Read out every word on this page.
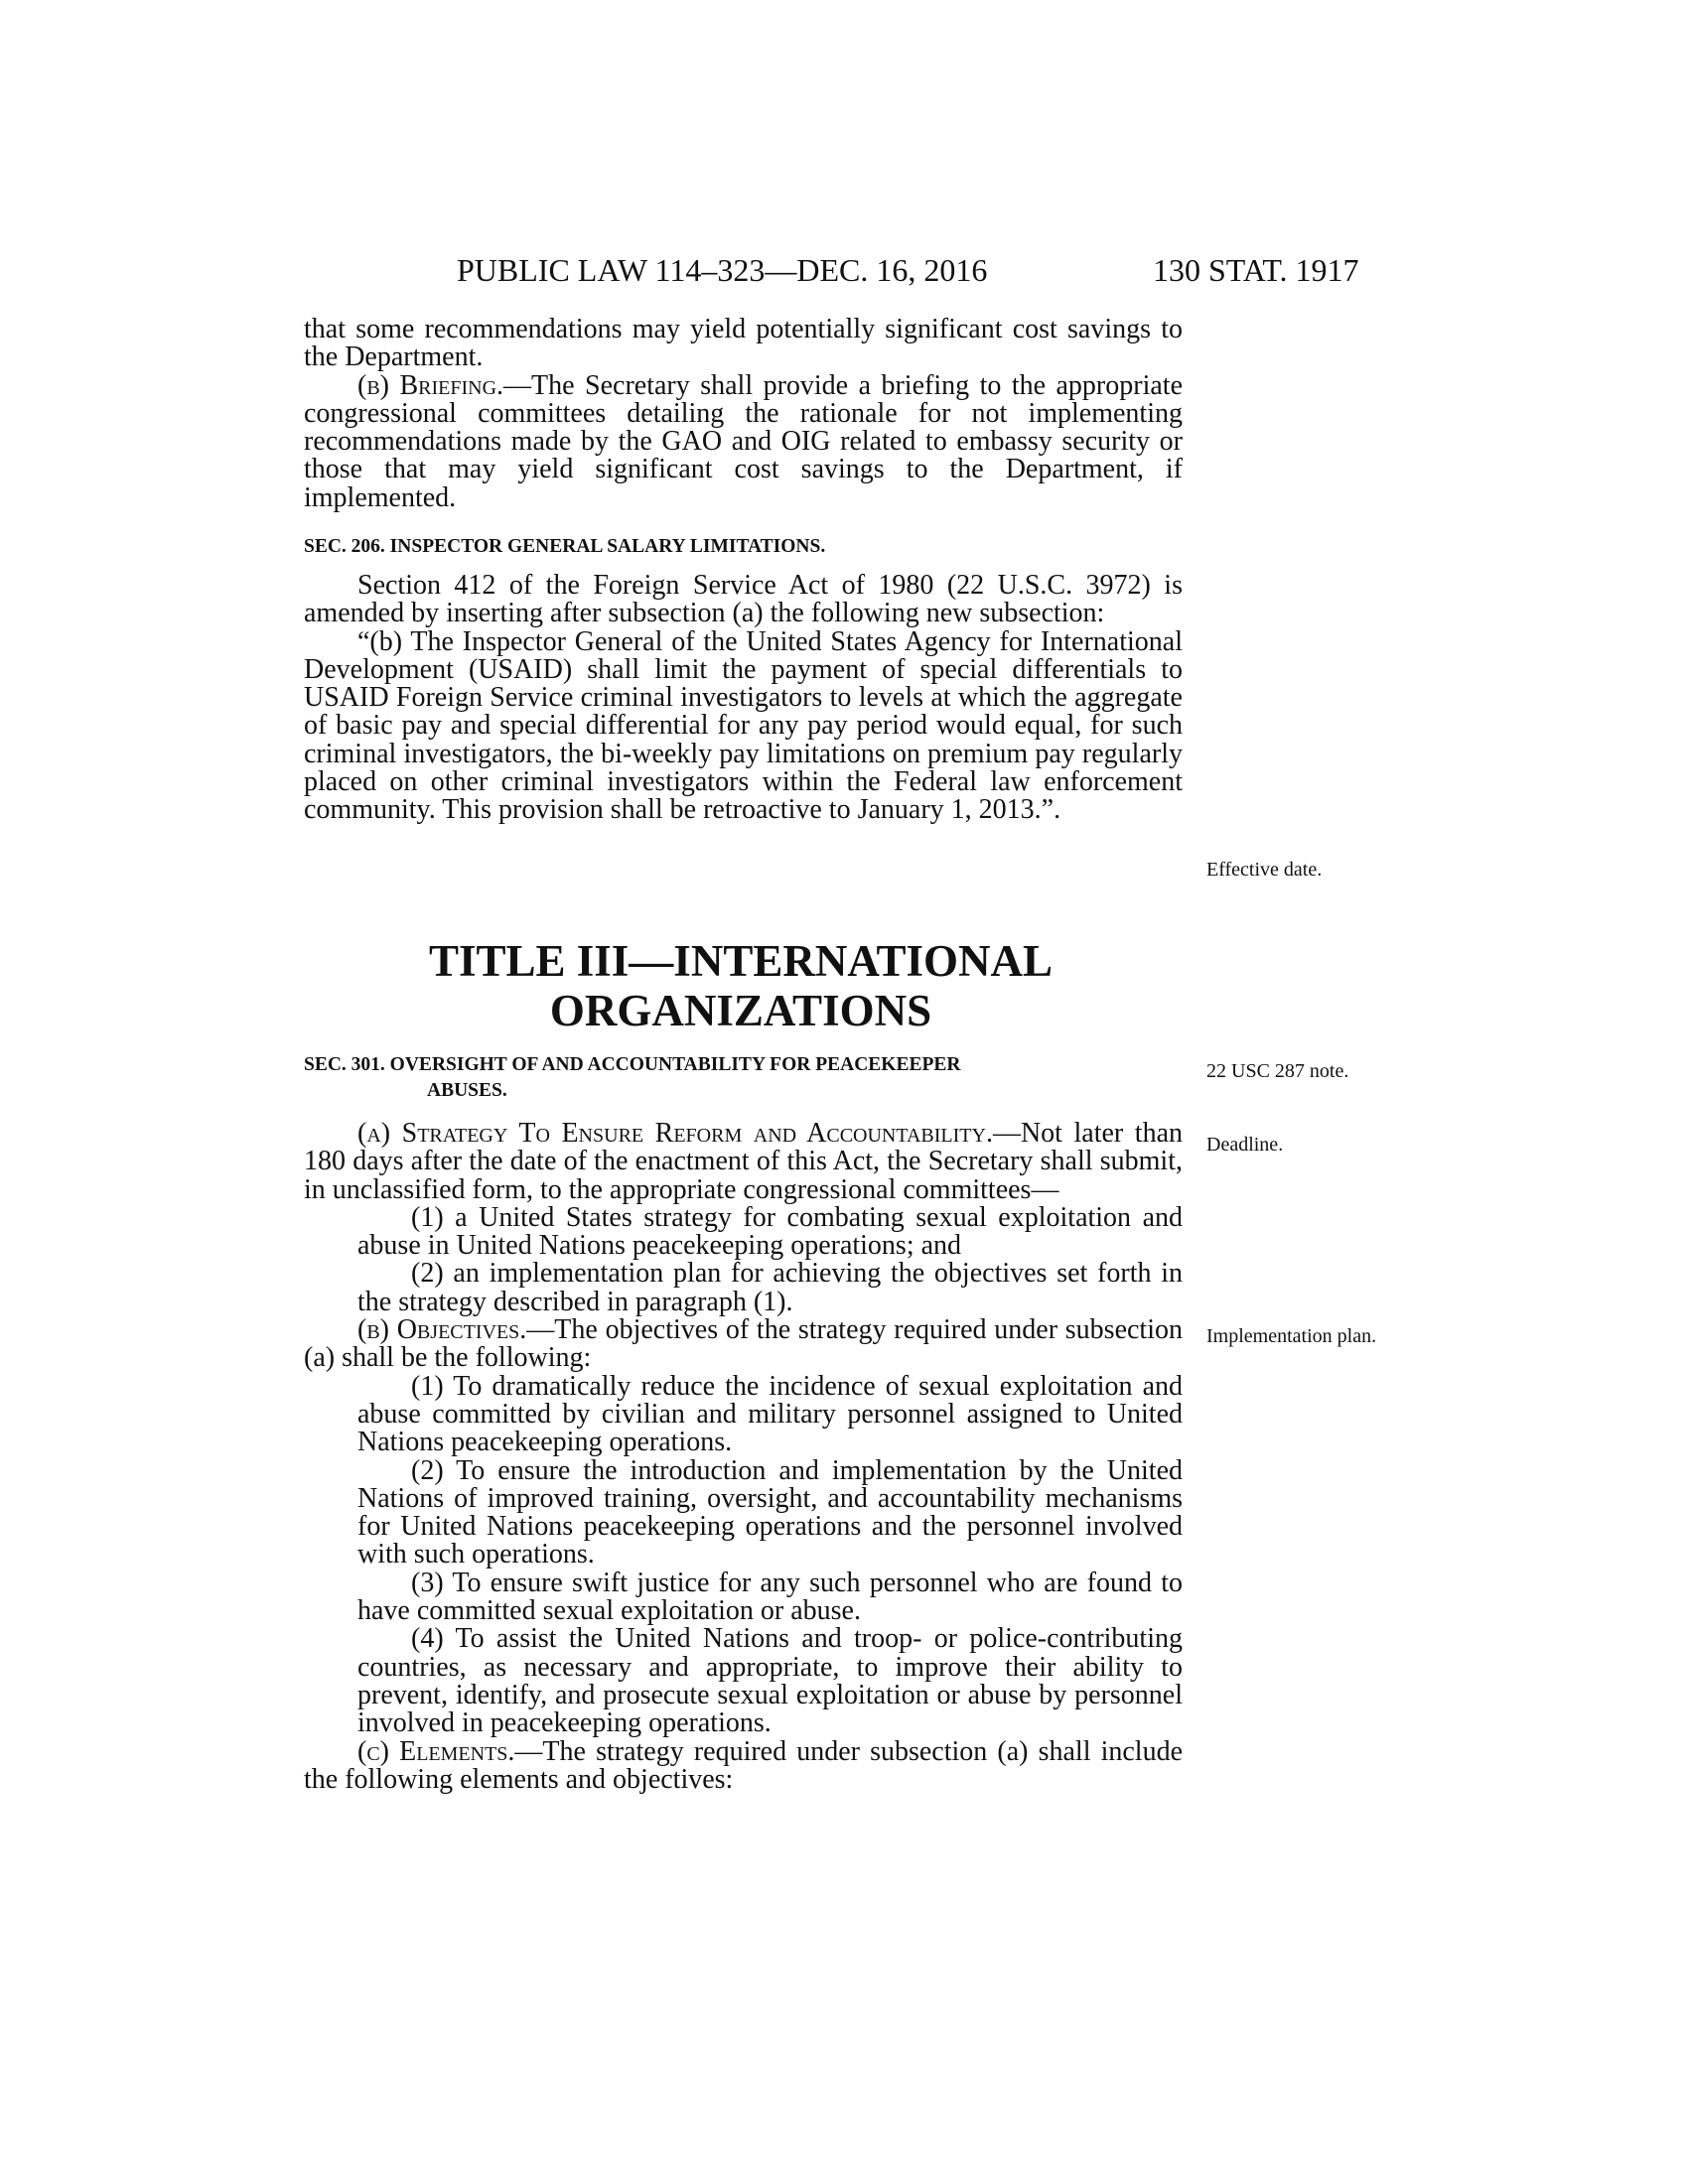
PUBLIC LAW 114–323—DEC. 16, 2016	130 STAT. 1917

that some recommendations may yield potentially significant cost savings to the Department.

(b) Briefing.—The Secretary shall provide a briefing to the appropriate congressional committees detailing the rationale for not implementing recommendations made by the GAO and OIG related to embassy security or those that may yield significant cost savings to the Department, if implemented.

SEC. 206. INSPECTOR GENERAL SALARY LIMITATIONS.

Section 412 of the Foreign Service Act of 1980 (22 U.S.C. 3972) is amended by inserting after subsection (a) the following new subsection:

“(b) The Inspector General of the United States Agency for International Development (USAID) shall limit the payment of special differentials to USAID Foreign Service criminal investigators to levels at which the aggregate of basic pay and special differential for any pay period would equal, for such criminal investigators, the bi-weekly pay limitations on premium pay regularly placed on other criminal investigators within the Federal law enforcement community. This provision shall be retroactive to January 1, 2013.”.

TITLE III—INTERNATIONAL
ORGANIZATIONS

SEC. 301. OVERSIGHT OF AND ACCOUNTABILITY FOR PEACEKEEPER
ABUSES.

(a) Strategy To Ensure Reform and Accountability.—Not later than 180 days after the date of the enactment of this Act, the Secretary shall submit, in unclassified form, to the appropriate congressional committees—

(1) a United States strategy for combating sexual exploitation and abuse in United Nations peacekeeping operations; and

(2) an implementation plan for achieving the objectives set forth in the strategy described in paragraph (1).

(b) Objectives.—The objectives of the strategy required under subsection (a) shall be the following:

(1) To dramatically reduce the incidence of sexual exploitation and abuse committed by civilian and military personnel assigned to United Nations peacekeeping operations.

(2) To ensure the introduction and implementation by the United Nations of improved training, oversight, and accountability mechanisms for United Nations peacekeeping operations and the personnel involved with such operations.

(3) To ensure swift justice for any such personnel who are found to have committed sexual exploitation or abuse.

(4) To assist the United Nations and troop- or police-contributing countries, as necessary and appropriate, to improve their ability to prevent, identify, and prosecute sexual exploitation or abuse by personnel involved in peacekeeping operations.

(c) Elements.—The strategy required under subsection (a) shall include the following elements and objectives:

Effective date.
22 USC 287 note.
Deadline.
Implementation plan.
